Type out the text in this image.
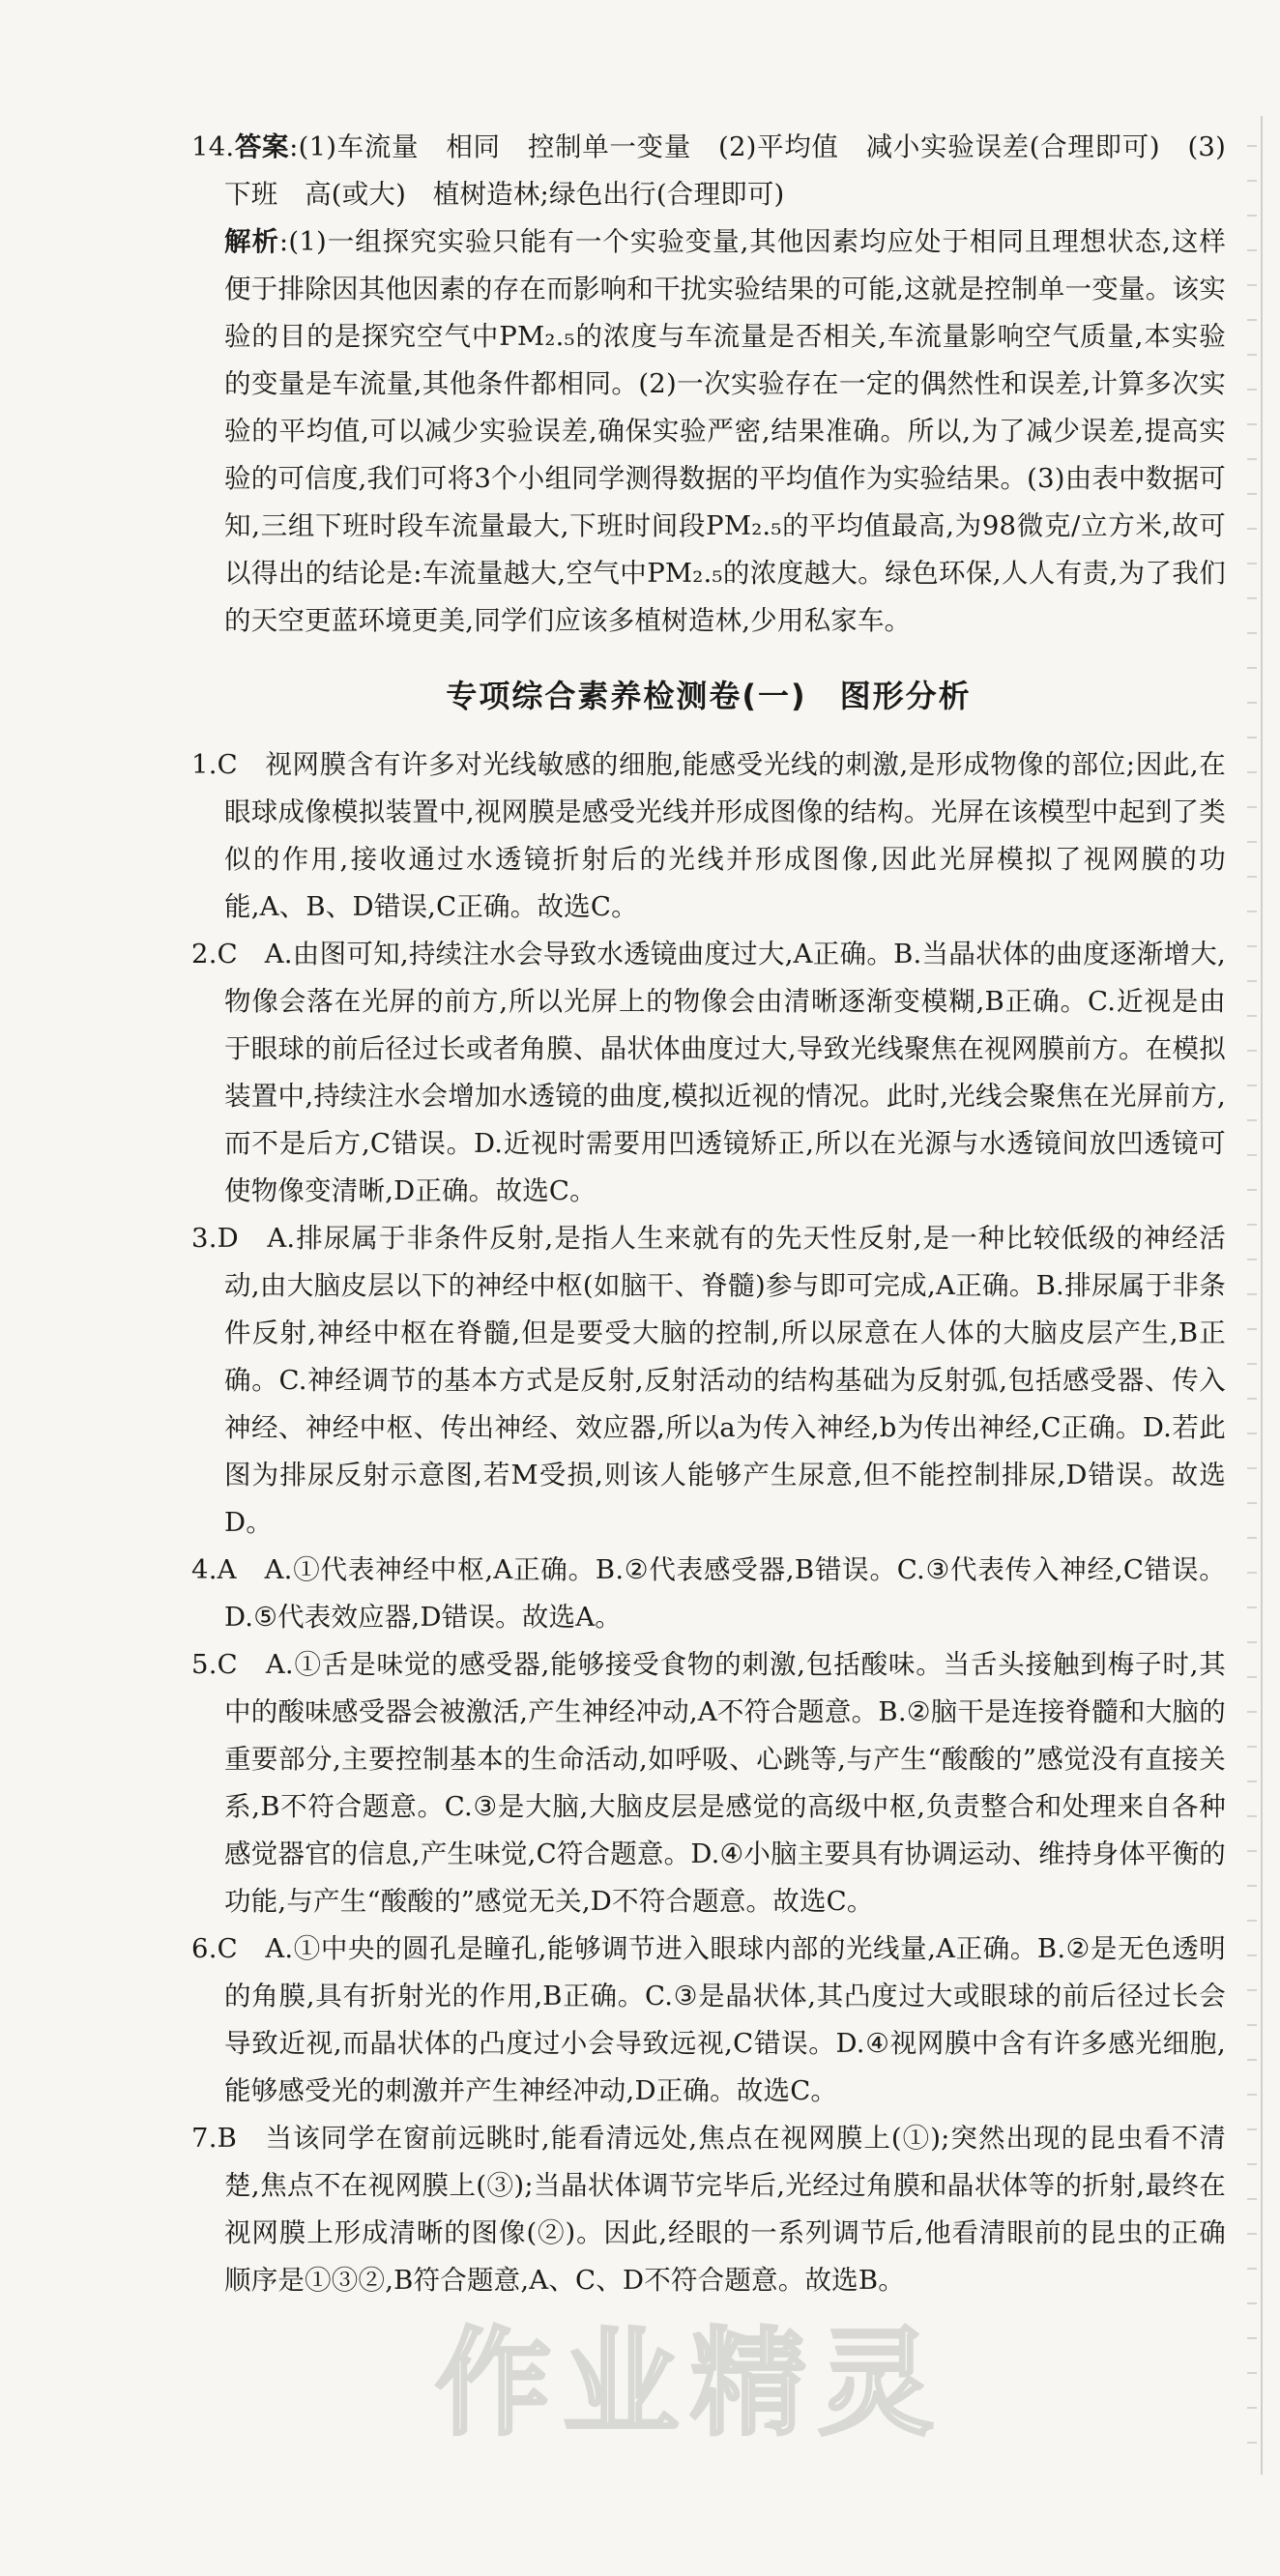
14.答案:(1)车流量　相同　控制单一变量　(2)平均值　减小实验误差(合理即可)　(3)下班　高(或大)　植树造林;绿色出行(合理即可)

解析:(1)一组探究实验只能有一个实验变量,其他因素均应处于相同且理想状态,这样便于排除因其他因素的存在而影响和干扰实验结果的可能,这就是控制单一变量。该实验的目的是探究空气中PM₂.₅的浓度与车流量是否相关,车流量影响空气质量,本实验的变量是车流量,其他条件都相同。(2)一次实验存在一定的偶然性和误差,计算多次实验的平均值,可以减少实验误差,确保实验严密,结果准确。所以,为了减少误差,提高实验的可信度,我们可将3个小组同学测得数据的平均值作为实验结果。(3)由表中数据可知,三组下班时段车流量最大,下班时间段PM₂.₅的平均值最高,为98微克/立方米,故可以得出的结论是:车流量越大,空气中PM₂.₅的浓度越大。绿色环保,人人有责,为了我们的天空更蓝环境更美,同学们应该多植树造林,少用私家车。

专项综合素养检测卷(一)　图形分析

1.C　视网膜含有许多对光线敏感的细胞,能感受光线的刺激,是形成物像的部位;因此,在眼球成像模拟装置中,视网膜是感受光线并形成图像的结构。光屏在该模型中起到了类似的作用,接收通过水透镜折射后的光线并形成图像,因此光屏模拟了视网膜的功能,A、B、D错误,C正确。故选C。

2.C　A.由图可知,持续注水会导致水透镜曲度过大,A正确。B.当晶状体的曲度逐渐增大,物像会落在光屏的前方,所以光屏上的物像会由清晰逐渐变模糊,B正确。C.近视是由于眼球的前后径过长或者角膜、晶状体曲度过大,导致光线聚焦在视网膜前方。在模拟装置中,持续注水会增加水透镜的曲度,模拟近视的情况。此时,光线会聚焦在光屏前方,而不是后方,C错误。D.近视时需要用凹透镜矫正,所以在光源与水透镜间放凹透镜可使物像变清晰,D正确。故选C。

3.D　A.排尿属于非条件反射,是指人生来就有的先天性反射,是一种比较低级的神经活动,由大脑皮层以下的神经中枢(如脑干、脊髓)参与即可完成,A正确。B.排尿属于非条件反射,神经中枢在脊髓,但是要受大脑的控制,所以尿意在人体的大脑皮层产生,B正确。C.神经调节的基本方式是反射,反射活动的结构基础为反射弧,包括感受器、传入神经、神经中枢、传出神经、效应器,所以a为传入神经,b为传出神经,C正确。D.若此图为排尿反射示意图,若M受损,则该人能够产生尿意,但不能控制排尿,D错误。故选D。

4.A　A.①代表神经中枢,A正确。B.②代表感受器,B错误。C.③代表传入神经,C错误。D.⑤代表效应器,D错误。故选A。

5.C　A.①舌是味觉的感受器,能够接受食物的刺激,包括酸味。当舌头接触到梅子时,其中的酸味感受器会被激活,产生神经冲动,A不符合题意。B.②脑干是连接脊髓和大脑的重要部分,主要控制基本的生命活动,如呼吸、心跳等,与产生“酸酸的”感觉没有直接关系,B不符合题意。C.③是大脑,大脑皮层是感觉的高级中枢,负责整合和处理来自各种感觉器官的信息,产生味觉,C符合题意。D.④小脑主要具有协调运动、维持身体平衡的功能,与产生“酸酸的”感觉无关,D不符合题意。故选C。

6.C　A.①中央的圆孔是瞳孔,能够调节进入眼球内部的光线量,A正确。B.②是无色透明的角膜,具有折射光的作用,B正确。C.③是晶状体,其凸度过大或眼球的前后径过长会导致近视,而晶状体的凸度过小会导致远视,C错误。D.④视网膜中含有许多感光细胞,能够感受光的刺激并产生神经冲动,D正确。故选C。

7.B　当该同学在窗前远眺时,能看清远处,焦点在视网膜上(①);突然出现的昆虫看不清楚,焦点不在视网膜上(③);当晶状体调节完毕后,光经过角膜和晶状体等的折射,最终在视网膜上形成清晰的图像(②)。因此,经眼的一系列调节后,他看清眼前的昆虫的正确顺序是①③②,B符合题意,A、C、D不符合题意。故选B。

作业精灵
